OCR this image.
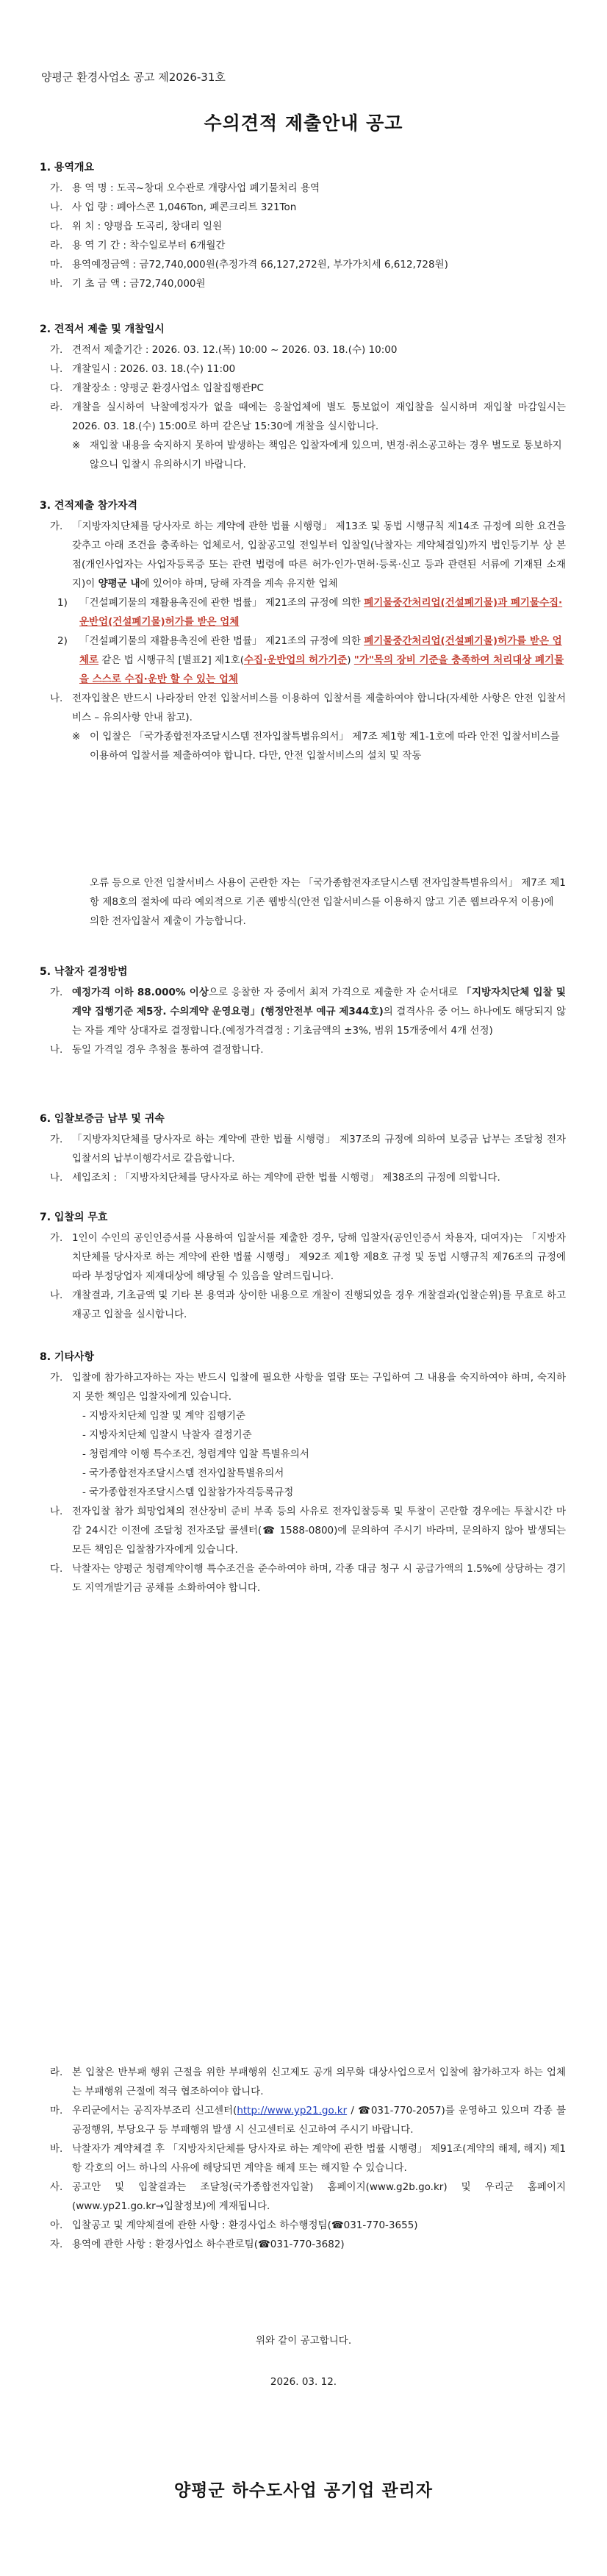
양평군 환경사업소 공고 제2026-31호
수의견적 제출안내 공고
1. 용역개요
가. 용 역 명 : 도곡~창대 오수관로 개량사업 폐기물처리 용역
나. 사 업 량 : 폐아스콘 1,046Ton, 폐콘크리트 321Ton
다. 위 치 : 양평읍 도곡리, 창대리 일원
라. 용 역 기 간 : 착수일로부터 6개월간
마. 용역예정금액 : 금72,740,000원(추정가격 66,127,272원, 부가가치세 6,612,728원)
바. 기 초 금 액 : 금72,740,000원
2. 견적서 제출 및 개찰일시
가. 견적서 제출기간 : 2026. 03. 12.(목) 10:00 ~ 2026. 03. 18.(수) 10:00
나. 개찰일시 : 2026. 03. 18.(수) 11:00
다. 개찰장소 : 양평군 환경사업소 입찰집행관PC
라. 개찰을 실시하여 낙찰예정자가 없을 때에는 응찰업체에 별도 통보없이 재입찰을 실시하며 재입찰 마감일시는 2026. 03. 18.(수) 15:00로 하며 같은날 15:30에 개찰을 실시합니다.
※ 재입찰 내용을 숙지하지 못하여 발생하는 책임은 입찰자에게 있으며, 변경·취소공고하는 경우 별도로 통보하지 않으니 입찰시 유의하시기 바랍니다.
3. 견적제출 참가자격
가. 「지방자치단체를 당사자로 하는 계약에 관한 법률 시행령」 제13조 및 동법 시행규칙 제14조 규정에 의한 요건을 갖추고 아래 조건을 충족하는 업체로서, 입찰공고일 전일부터 입찰일(낙찰자는 계약체결일)까지 법인등기부 상 본점(개인사업자는 사업자등록증 또는 관련 법령에 따른 허가·인가·면허·등록·신고 등과 관련된 서류에 기재된 소재지)이 양평군 내에 있어야 하며, 당해 자격을 계속 유지한 업체
1)	「건설폐기물의 재활용촉진에 관한 법률」 제21조의 규정에 의한 폐기물중간처리업(건설폐기물)과 폐기물수집·운반업(건설폐기물)허가를 받은 업체
2)	「건설폐기물의 재활용촉진에 관한 법률」 제21조의 규정에 의한 폐기물중간처리업(건설폐기물)허가를 받은 업체로 같은 법 시행규칙 [별표2] 제1호(수집·운반업의 허가기준) "가"목의 장비 기준을 충족하여 처리대상 폐기물을 스스로 수집·운반 할 수 있는 업체
나. 전자입찰은 반드시 나라장터 안전 입찰서비스를 이용하여 입찰서를 제출하여야 합니다(자세한 사항은 안전 입찰서비스 – 유의사항 안내 참고).
※ 이 입찰은 「국가종합전자조달시스템 전자입찰특별유의서」 제7조 제1항 제1-1호에 따라 안전 입찰서비스를 이용하여 입찰서를 제출하여야 합니다. 다만, 안전 입찰서비스의 설치 및 작동
오류 등으로 안전 입찰서비스 사용이 곤란한 자는 「국가종합전자조달시스템 전자입찰특별유의서」 제7조 제1항 제8호의 절차에 따라 예외적으로 기존 웹방식(안전 입찰서비스를 이용하지 않고 기존 웹브라우저 이용)에 의한 전자입찰서 제출이 가능합니다.
5. 낙찰자 결정방법
가. 예정가격 이하 88.000% 이상으로 응찰한 자 중에서 최저 가격으로 제출한 자 순서대로 「지방자치단체 입찰 및 계약 집행기준 제5장. 수의계약 운영요령」(행정안전부 예규 제344호)의 결격사유 중 어느 하나에도 해당되지 않는 자를 계약 상대자로 결정합니다.(예정가격결정 : 기초금액의 ±3%, 범위 15개중에서 4개 선정)
나. 동일 가격일 경우 추첨을 통하여 결정합니다.
6. 입찰보증금 납부 및 귀속
가. 「지방자치단체를 당사자로 하는 계약에 관한 법률 시행령」 제37조의 규정에 의하여 보증금 납부는 조달청 전자입찰서의 납부이행각서로 갈음합니다.
나. 세입조치 : 「지방자치단체를 당사자로 하는 계약에 관한 법률 시행령」 제38조의 규정에 의합니다.
7. 입찰의 무효
가. 1인이 수인의 공인인증서를 사용하여 입찰서를 제출한 경우, 당해 입찰자(공인인증서 차용자, 대여자)는 「지방자치단체를 당사자로 하는 계약에 관한 법률 시행령」 제92조 제1항 제8호 규정 및 동법 시행규칙 제76조의 규정에 따라 부정당업자 제재대상에 해당될 수 있음을 알려드립니다.
나. 개찰결과, 기초금액 및 기타 본 용역과 상이한 내용으로 개찰이 진행되었을 경우 개찰결과(업찰순위)를 무효로 하고 재공고 입찰을 실시합니다.
8. 기타사항
가. 입찰에 참가하고자하는 자는 반드시 입찰에 필요한 사항을 열람 또는 구입하여 그 내용을 숙지하여야 하며, 숙지하지 못한 책임은 입찰자에게 있습니다.
- 지방자치단체 입찰 및 계약 집행기준
- 지방자치단체 입찰시 낙찰자 결정기준
- 청렴계약 이행 특수조건, 청렴계약 입찰 특별유의서
- 국가종합전자조달시스템 전자입찰특별유의서
- 국가종합전자조달시스템 입찰참가자격등록규정
나. 전자입찰 참가 희망업체의 전산장비 준비 부족 등의 사유로 전자입찰등록 및 투찰이 곤란할 경우에는 투찰시간 마감 24시간 이전에 조달청 전자조달 콜센터(☎ 1588-0800)에 문의하여 주시기 바라며, 문의하지 않아 발생되는 모든 책임은 입찰참가자에게 있습니다.
다. 낙찰자는 양평군 청렴계약이행 특수조건을 준수하여야 하며, 각종 대금 청구 시 공급가액의 1.5%에 상당하는 경기도 지역개발기금 공채를 소화하여야 합니다.
라. 본 입찰은 반부패 행위 근절을 위한 부패행위 신고제도 공개 의무화 대상사업으로서 입찰에 참가하고자 하는 업체는 부패행위 근절에 적극 협조하여야 합니다.
마. 우리군에서는 공직자부조리 신고센터(http://www.yp21.go.kr / ☎031-770-2057)를 운영하고 있으며 각종 불공정행위, 부당요구 등 부패행위 발생 시 신고센터로 신고하여 주시기 바랍니다.
바. 낙찰자가 계약체결 후 「지방자치단체를 당사자로 하는 계약에 관한 법률 시행령」 제91조(계약의 해제, 해지) 제1항 각호의 어느 하나의 사유에 해당되면 계약을 해제 또는 해지할 수 있습니다.
사. 공고안 및 입찰결과는 조달청(국가종합전자입찰) 홈페이지(www.g2b.go.kr) 및 우리군 홈페이지(www.yp21.go.kr→입찰정보)에 게재됩니다.
아. 입찰공고 및 계약체결에 관한 사항 : 환경사업소 하수행정팀(☎031-770-3655)
자. 용역에 관한 사항 : 환경사업소 하수관로팀(☎031-770-3682)
위와 같이 공고합니다.
2026. 03. 12.
양평군 하수도사업 공기업 관리자
